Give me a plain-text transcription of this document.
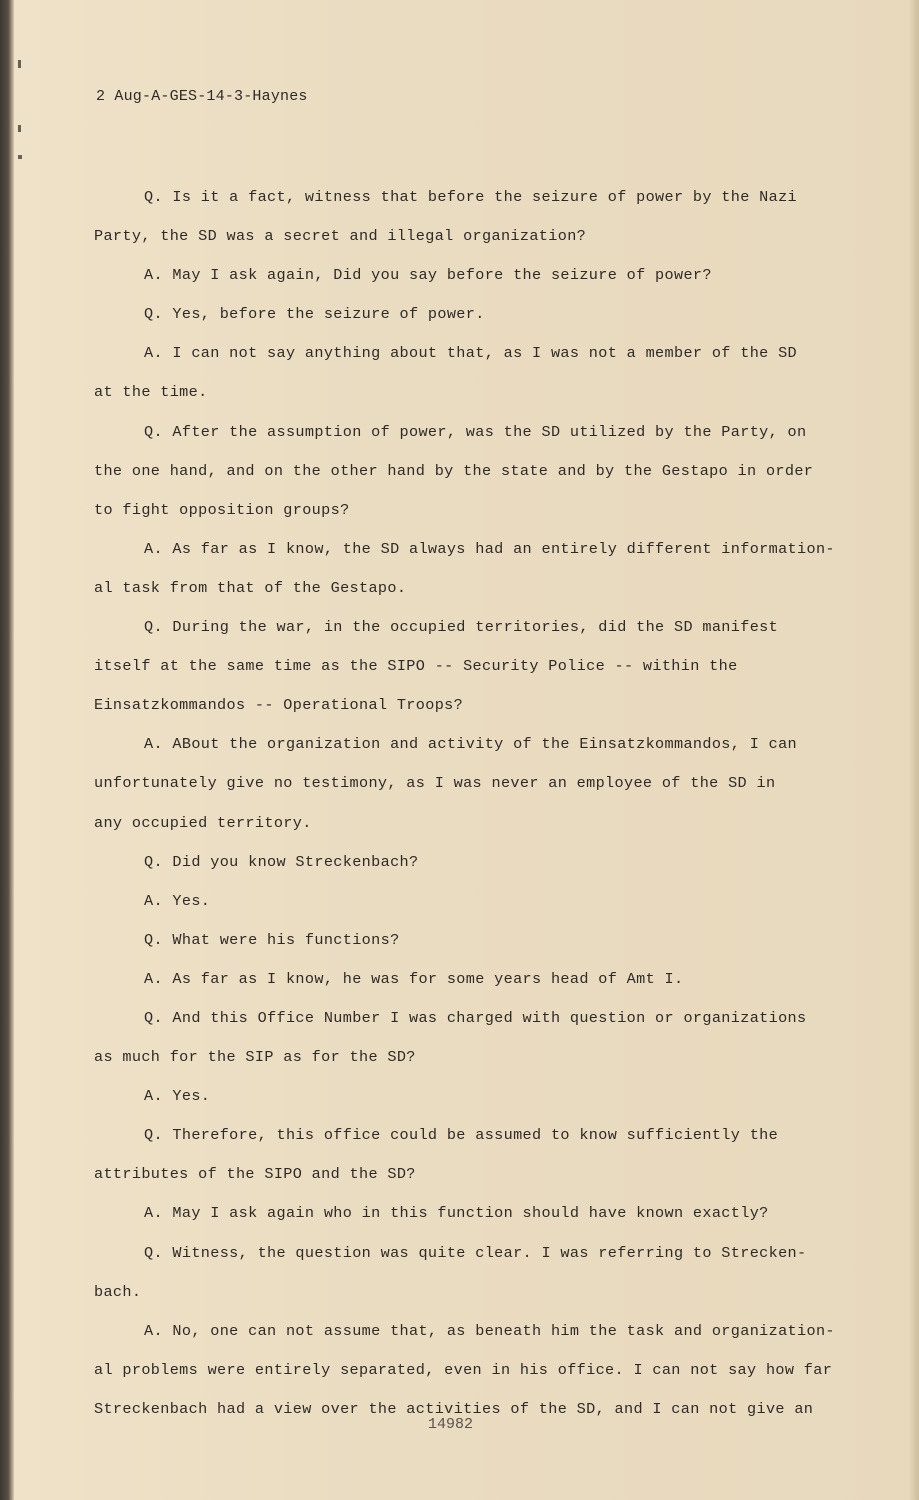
2 Aug-A-GES-14-3-Haynes
Q. Is it a fact, witness that before the seizure of power by the Nazi
Party, the SD was a secret and illegal organization?
A. May I ask again, Did you say before the seizure of power?
Q. Yes, before the seizure of power.
A. I can not say anything about that, as I was not a member of the SD
at the time.
Q. After the assumption of power, was the SD utilized by the Party, on
the one hand, and on the other hand by the state and by the Gestapo in order
to fight opposition groups?
A. As far as I know, the SD always had an entirely different information-
al task from that of the Gestapo.
Q. During the war, in the occupied territories, did the SD manifest
itself at the same time as the SIPO -- Security Police -- within the
Einsatzkommandos -- Operational Troops?
A. ABout the organization and activity of the Einsatzkommandos, I can
unfortunately give no testimony, as I was never an employee of the SD in
any occupied territory.
Q. Did you know Streckenbach?
A. Yes.
Q. What were his functions?
A. As far as I know, he was for some years head of Amt I.
Q. And this Office Number I was charged with question or organizations
as much for the SIP as for the SD?
A. Yes.
Q. Therefore, this office could be assumed to know sufficiently the
attributes of the SIPO and the SD?
A. May I ask again who in this function should have known exactly?
Q. Witness, the question was quite clear. I was referring to Strecken-
bach.
A. No, one can not assume that, as beneath him the task and organization-
al problems were entirely separated, even in his office. I can not say how far
Streckenbach had a view over the activities of the SD, and I can not give an
14982
